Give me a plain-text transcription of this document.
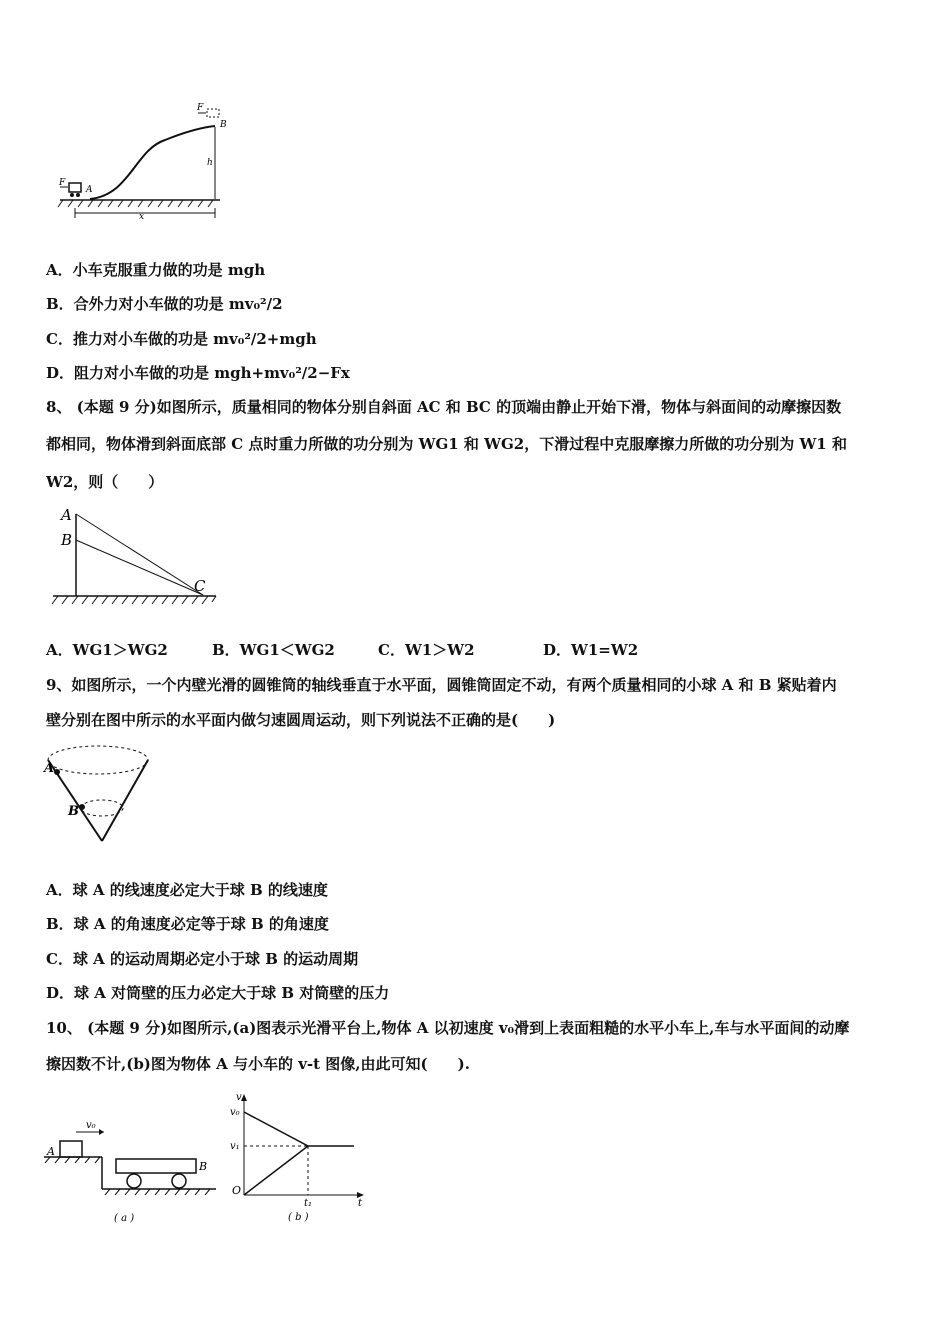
F
A
F
B
h
x
A．小车克服重力做的功是 mgh
B．合外力对小车做的功是 mv₀²/2
C．推力对小车做的功是 mv₀²/2+mgh
D．阻力对小车做的功是 mgh+mv₀²/2−Fx
8、 (本题 9 分)如图所示，质量相同的物体分别自斜面 AC 和 BC 的顶端由静止开始下滑，物体与斜面间的动摩擦因数
都相同，物体滑到斜面底部 C 点时重力所做的功分别为 WG1 和 WG2，下滑过程中克服摩擦力所做的功分别为 W1 和
W2，则（　　）
A
B
C
A．WG1＞WG2	B．WG1＜WG2	C．W1＞W2	D．W1=W2
9、如图所示，一个内壁光滑的圆锥筒的轴线垂直于水平面，圆锥筒固定不动，有两个质量相同的小球 A 和 B 紧贴着内
壁分别在图中所示的水平面内做匀速圆周运动，则下列说法不正确的是(　　)
A
B
A．球 A 的线速度必定大于球 B 的线速度
B．球 A 的角速度必定等于球 B 的角速度
C．球 A 的运动周期必定小于球 B 的运动周期
D．球 A 对筒壁的压力必定大于球 B 对筒壁的压力
10、 (本题 9 分)如图所示,(a)图表示光滑平台上,物体 A 以初速度 v₀滑到上表面粗糙的水平小车上,车与水平面间的动摩
擦因数不计,(b)图为物体 A 与小车的 v-t 图像,由此可知(　　).
v₀
A
B
( a )
v
v₀
v₁
O
t₁	t
( b )
